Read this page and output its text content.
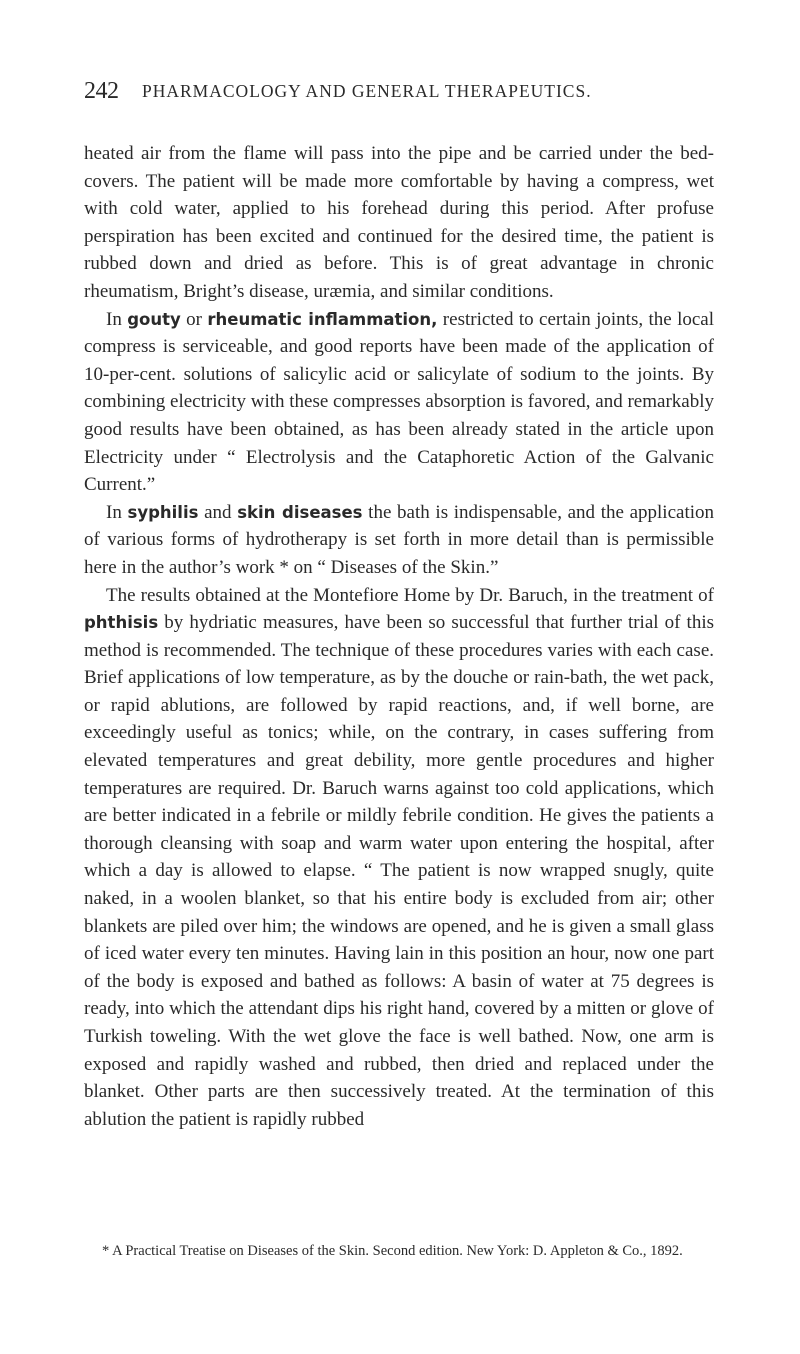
242 PHARMACOLOGY AND GENERAL THERAPEUTICS.

heated air from the flame will pass into the pipe and be carried under the bed-covers. The patient will be made more comfortable by having a compress, wet with cold water, applied to his forehead during this period. After profuse perspiration has been excited and continued for the desired time, the patient is rubbed down and dried as before. This is of great advantage in chronic rheumatism, Bright’s disease, uræmia, and similar conditions.

In gouty or rheumatic inflammation, restricted to certain joints, the local compress is serviceable, and good reports have been made of the application of 10-per-cent. solutions of salicylic acid or salicylate of sodium to the joints. By combining electricity with these compresses absorption is favored, and remarkably good results have been obtained, as has been already stated in the article upon Electricity under “ Electrolysis and the Cataphoretic Action of the Galvanic Current.”

In syphilis and skin diseases the bath is indispensable, and the application of various forms of hydrotherapy is set forth in more detail than is permissible here in the author’s work * on “ Diseases of the Skin.”

The results obtained at the Montefiore Home by Dr. Baruch, in the treatment of phthisis by hydriatic measures, have been so successful that further trial of this method is recommended. The technique of these procedures varies with each case. Brief applications of low temperature, as by the douche or rain-bath, the wet pack, or rapid ablutions, are followed by rapid reactions, and, if well borne, are exceedingly useful as tonics; while, on the contrary, in cases suffering from elevated temperatures and great debility, more gentle procedures and higher temperatures are required. Dr. Baruch warns against too cold applications, which are better indicated in a febrile or mildly febrile condition. He gives the patients a thorough cleansing with soap and warm water upon entering the hospital, after which a day is allowed to elapse. “ The patient is now wrapped snugly, quite naked, in a woolen blanket, so that his entire body is excluded from air; other blankets are piled over him; the windows are opened, and he is given a small glass of iced water every ten minutes. Having lain in this position an hour, now one part of the body is exposed and bathed as follows: A basin of water at 75 degrees is ready, into which the attendant dips his right hand, covered by a mitten or glove of Turkish toweling. With the wet glove the face is well bathed. Now, one arm is exposed and rapidly washed and rubbed, then dried and replaced under the blanket. Other parts are then successively treated. At the termination of this ablution the patient is rapidly rubbed

* A Practical Treatise on Diseases of the Skin. Second edition. New York: D. Appleton & Co., 1892.
